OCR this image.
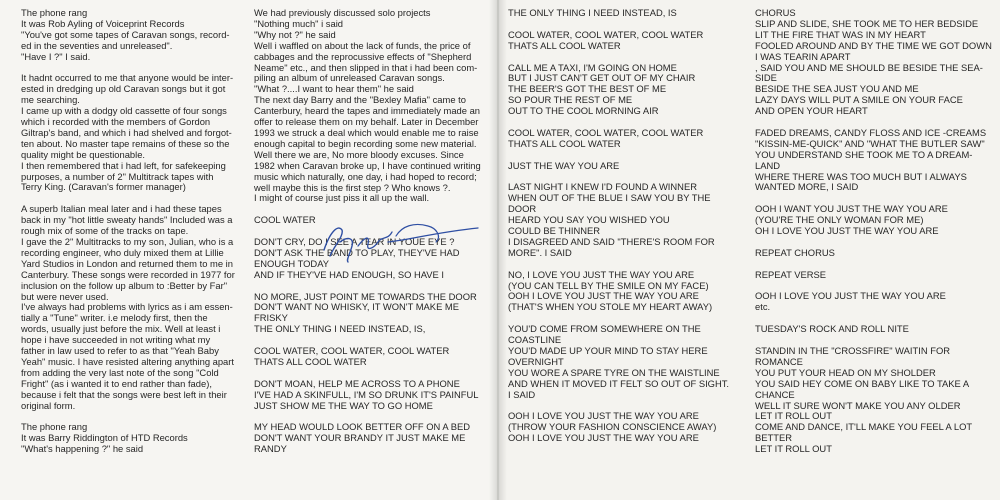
The phone rang
It was Rob Ayling of Voiceprint Records
"You've got some tapes of Caravan songs, record-
ed in the seventies and unreleased".
"Have I ?" I said.
It hadnt occurred to me that anyone would be inter-
ested in dredging up old Caravan songs but it got
me searching.
I came up with a dodgy old cassette of four songs
which i recorded with the members of Gordon
Giltrap's band, and which i had shelved and forgot-
ten about. No master tape remains of these so the
quality might be questionable.
I then remembered that i had left, for safekeeping
purposes, a number of 2" Multitrack tapes with
Terry King. (Caravan's former manager)
A superb Italian meal later and i had these tapes
back in my "hot little sweaty hands" Included was a
rough mix of some of the tracks on tape.
I gave the 2" Multitracks to my son, Julian, who is a
recording engineer, who duly mixed them at Lillie
Yard Studios in London and returned them to me in
Canterbury. These songs were recorded in 1977 for
inclusion on the follow up album to :Better by Far"
but were never used.
I've always had problems with lyrics as i am essen-
tially a "Tune" writer. i.e melody first, then the
words, usually just before the mix. Well at least i
hope i have succeeded in not writing what my
father in law used to refer to as that "Yeah Baby
Yeah" music. I have resisted altering anything apart
from adding the very last note of the song "Cold
Fright" (as i wanted it to end rather than fade),
because i felt that the songs were best left in their
original form.
The phone rang
It was Barry Riddington of HTD Records
"What's happening ?" he said
We had previously discussed solo projects
"Nothing much" i said
"Why not ?" he said
Well i waffled on about the lack of funds, the price of
cabbages and the reprocussive effects of "Shepherd
Neame" etc., and then slipped in that i had been com-
piling an album of unreleased Caravan songs.
"What ?....I want to hear them" he said
The next day Barry and the "Bexley Mafia" came to
Canterbury, heard the tapes and immediately made an
offer to release them on my behalf. Later in December
1993 we struck a deal which would enable me to raise
enough capital to begin recording some new material.
Well there we are, No more bloody excuses. Since
1982 when Caravan broke up, I have continued writing
music which naturally, one day, i had hoped to record;
well maybe this is the first step ? Who knows ?.
I might of course just piss it all up the wall.
COOL WATER
DON'T CRY, DO I SEE A TEAR IN YOUE EYE ?
DON'T ASK THE BAND TO PLAY, THEY'VE HAD
ENOUGH TODAY
AND IF THEY'VE HAD ENOUGH, SO HAVE I
NO MORE, JUST POINT ME TOWARDS THE DOOR
DON'T WANT NO WHISKY, IT WON'T MAKE ME
FRISKY
THE ONLY THING I NEED INSTEAD, IS,
COOL WATER, COOL WATER, COOL WATER
THATS ALL COOL WATER
DON'T MOAN, HELP ME ACROSS TO A PHONE
I'VE HAD A SKINFULL, I'M SO DRUNK IT'S PAINFUL
JUST SHOW ME THE WAY TO GO HOME
MY HEAD WOULD LOOK BETTER OFF ON A BED
DON'T WANT YOUR BRANDY IT JUST MAKE ME
RANDY
THE ONLY THING I NEED INSTEAD, IS
COOL WATER, COOL WATER, COOL WATER
THATS ALL COOL WATER
CALL ME A TAXI, I'M GOING ON HOME
BUT I JUST CAN'T GET OUT OF MY CHAIR
THE BEER'S GOT THE BEST OF ME
SO POUR THE REST OF ME
OUT TO THE COOL MORNING AIR
COOL WATER, COOL WATER, COOL WATER
THATS ALL COOL WATER
JUST THE WAY YOU ARE
LAST NIGHT I KNEW I'D FOUND A WINNER
WHEN OUT OF THE BLUE I SAW YOU BY THE
DOOR
HEARD YOU SAY YOU WISHED YOU
COULD BE THINNER
I DISAGREED AND SAID "THERE'S ROOM FOR
MORE". I SAID
NO, I LOVE YOU JUST THE WAY YOU ARE
(YOU CAN TELL BY THE SMILE ON MY FACE)
OOH I LOVE YOU JUST THE WAY YOU ARE
(THAT'S WHEN YOU STOLE MY HEART AWAY)
YOU'D COME FROM SOMEWHERE ON THE
COASTLINE
YOU'D MADE UP YOUR MIND TO STAY HERE
OVERNIGHT
YOU WORE A SPARE TYRE ON THE WAISTLINE
AND WHEN IT MOVED IT FELT SO OUT OF SIGHT.
I SAID
OOH I LOVE YOU JUST THE WAY YOU ARE
(THROW YOUR FASHION CONSCIENCE AWAY)
OOH I LOVE YOU JUST THE WAY YOU ARE
CHORUS
SLIP AND SLIDE, SHE TOOK ME TO HER BEDSIDE
LIT THE FIRE THAT WAS IN MY HEART
FOOLED AROUND AND BY THE TIME WE GOT DOWN
I WAS TEARIN APART
, SAID YOU AND ME SHOULD BE BESIDE THE SEA-
SIDE
BESIDE THE SEA JUST YOU AND ME
LAZY DAYS WILL PUT A SMILE ON YOUR FACE
AND OPEN YOUR HEART
FADED DREAMS, CANDY FLOSS AND ICE -CREAMS
"KISSIN-ME-QUICK" AND "WHAT THE BUTLER SAW"
YOU UNDERSTAND SHE TOOK ME TO A DREAM-
LAND
WHERE THERE WAS TOO MUCH BUT I ALWAYS
WANTED MORE, I SAID
OOH I WANT YOU JUST THE WAY YOU ARE
(YOU'RE THE ONLY WOMAN FOR ME)
OH I LOVE YOU JUST THE WAY YOU ARE
REPEAT CHORUS
REPEAT VERSE
OOH I LOVE YOU JUST THE WAY YOU ARE
etc.
TUESDAY'S ROCK AND ROLL NITE
STANDIN IN THE "CROSSFIRE" WAITIN FOR
ROMANCE
YOU PUT YOUR HEAD ON MY SHOLDER
YOU SAID HEY COME ON BABY LIKE TO TAKE A
CHANCE
WELL IT SURE WON'T MAKE YOU ANY OLDER
LET IT ROLL OUT
COME AND DANCE, IT'LL MAKE YOU FEEL A LOT
BETTER
LET IT ROLL OUT
